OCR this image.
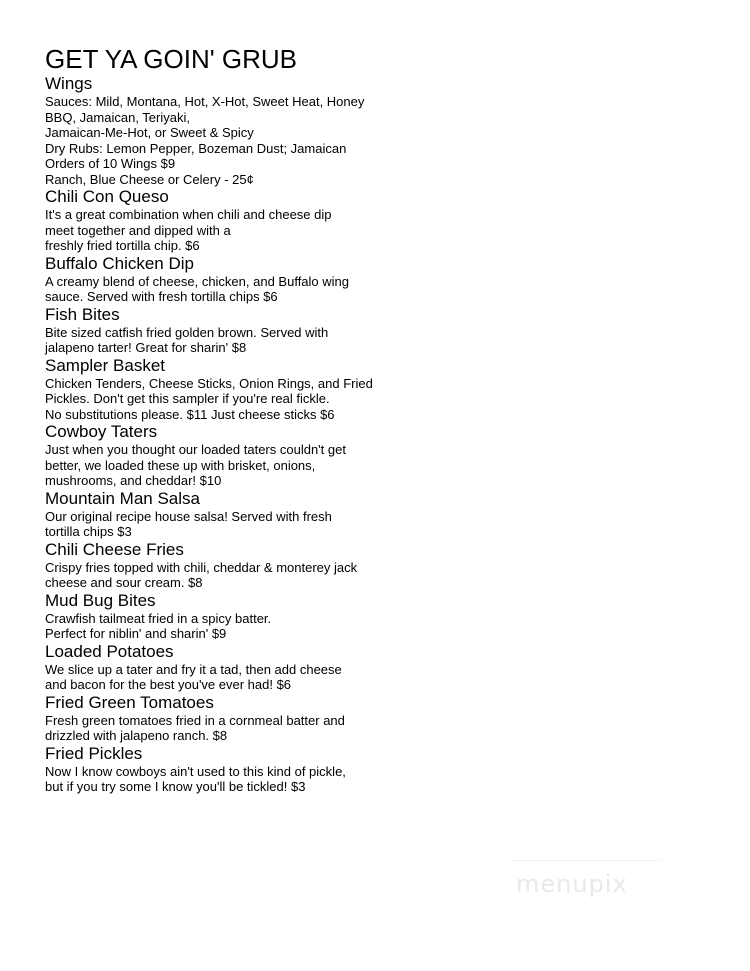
GET YA GOIN' GRUB
Wings
Sauces: Mild, Montana, Hot, X-Hot, Sweet Heat, Honey
BBQ, Jamaican, Teriyaki,
Jamaican-Me-Hot, or Sweet & Spicy
Dry Rubs: Lemon Pepper, Bozeman Dust; Jamaican
Orders of 10 Wings $9
Ranch, Blue Cheese or Celery - 25¢
Chili Con Queso
It's a great combination when chili and cheese dip
meet together and dipped with a
freshly fried tortilla chip. $6
Buffalo Chicken Dip
A creamy blend of cheese, chicken, and Buffalo wing
sauce. Served with fresh tortilla chips $6
Fish Bites
Bite sized catfish fried golden brown. Served with
jalapeno tarter! Great for sharin' $8
Sampler Basket
Chicken Tenders, Cheese Sticks, Onion Rings, and Fried
Pickles. Don't get this sampler if you're real fickle.
No substitutions please. $11 Just cheese sticks $6
Cowboy Taters
Just when you thought our loaded taters couldn't get
better, we loaded these up with brisket, onions,
mushrooms, and cheddar! $10
Mountain Man Salsa
Our original recipe house salsa! Served with fresh
tortilla chips $3
Chili Cheese Fries
Crispy fries topped with chili, cheddar & monterey jack
cheese and sour cream. $8
Mud Bug Bites
Crawfish tailmeat fried in a spicy batter.
Perfect for niblin' and sharin' $9
Loaded Potatoes
We slice up a tater and fry it a tad, then add cheese
and bacon for the best you've ever had! $6
Fried Green Tomatoes
Fresh green tomatoes fried in a cornmeal batter and
drizzled with jalapeno ranch. $8
Fried Pickles
Now I know cowboys ain't used to this kind of pickle,
but if you try some I know you'll be tickled! $3
menupix
